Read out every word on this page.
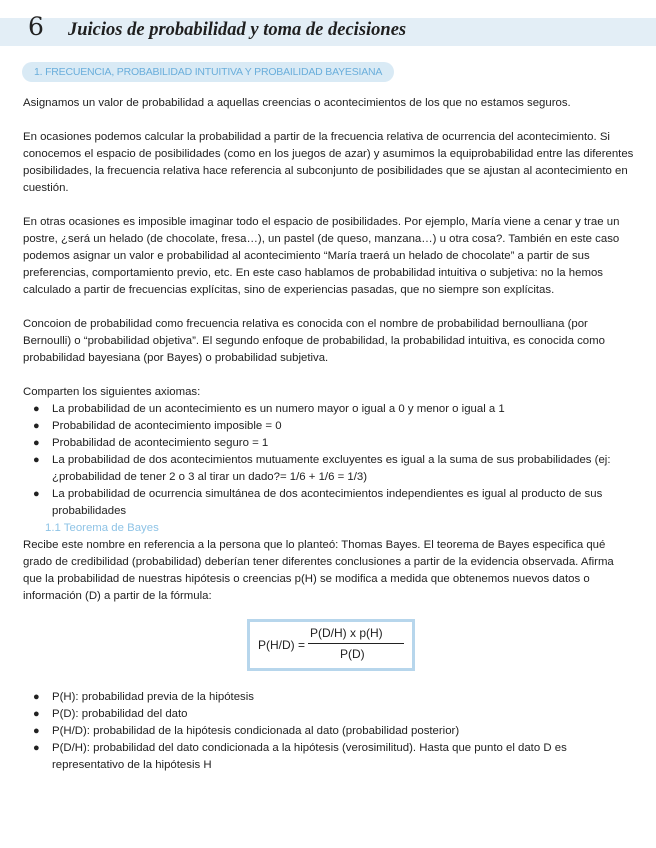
6 Juicios de probabilidad y toma de decisiones
1. FRECUENCIA, PROBABILIDAD INTUITIVA Y PROBAILIDAD BAYESIANA

Asignamos un valor de probabilidad a aquellas creencias o acontecimientos de los que no estamos seguros.

En ocasiones podemos calcular la probabilidad a partir de la frecuencia relativa de ocurrencia del acontecimiento. Si conocemos el espacio de posibilidades (como en los juegos de azar) y asumimos la equiprobabilidad entre las diferentes posibilidades, la frecuencia relativa hace referencia al subconjunto de posibilidades que se ajustan al acontecimiento en cuestión.

En otras ocasiones es imposible imaginar todo el espacio de posibilidades. Por ejemplo, María viene a cenar y trae un postre, ¿será un helado (de chocolate, fresa…), un pastel (de queso, manzana…) u otra cosa?. También en este caso podemos asignar un valor e probabilidad al acontecimiento “María traerá un helado de chocolate” a partir de sus preferencias, comportamiento previo, etc. En este caso hablamos de probabilidad intuitiva o subjetiva: no la hemos calculado a partir de frecuencias explícitas, sino de experiencias pasadas, que no siempre son explícitas.

Concoion de probabilidad como frecuencia relativa es conocida con el nombre de probabilidad bernoulliana (por Bernoulli) o “probabilidad objetiva”. El segundo enfoque de probabilidad, la probabilidad intuitiva, es conocida como probabilidad bayesiana (por Bayes) o probabilidad subjetiva.

Comparten los siguientes axiomas:

● La probabilidad de un acontecimiento es un numero mayor o igual a 0 y menor o igual a 1
● Probabilidad de acontecimiento imposible = 0
● Probabilidad de acontecimiento seguro = 1
● La probabilidad de dos acontecimientos mutuamente excluyentes es igual a la suma de sus probabilidades (ej: ¿probabilidad de tener 2 o 3 al tirar un dado?= 1/6 + 1/6 = 1/3)
● La probabilidad de ocurrencia simultánea de dos acontecimientos independientes es igual al producto de sus probabilidades

1.1 Teorema de Bayes

Recibe este nombre en referencia a la persona que lo planteó: Thomas Bayes. El teorema de Bayes especifica qué grado de credibilidad (probabilidad) deberían tener diferentes conclusiones a partir de la evidencia observada. Afirma que la probabilidad de nuestras hipótesis o creencias p(H) se modifica a medida que obtenemos nuevos datos o información (D) a partir de la fórmula:

P(H/D) =
P(D/H) x p(H)
P(D)
● P(H): probabilidad previa de la hipótesis
● P(D): probabilidad del dato
● P(H/D): probabilidad de la hipótesis condicionada al dato (probabilidad posterior)
● P(D/H): probabilidad del dato condicionada a la hipótesis (verosimilitud). Hasta que punto el dato D es representativo de la hipótesis H
